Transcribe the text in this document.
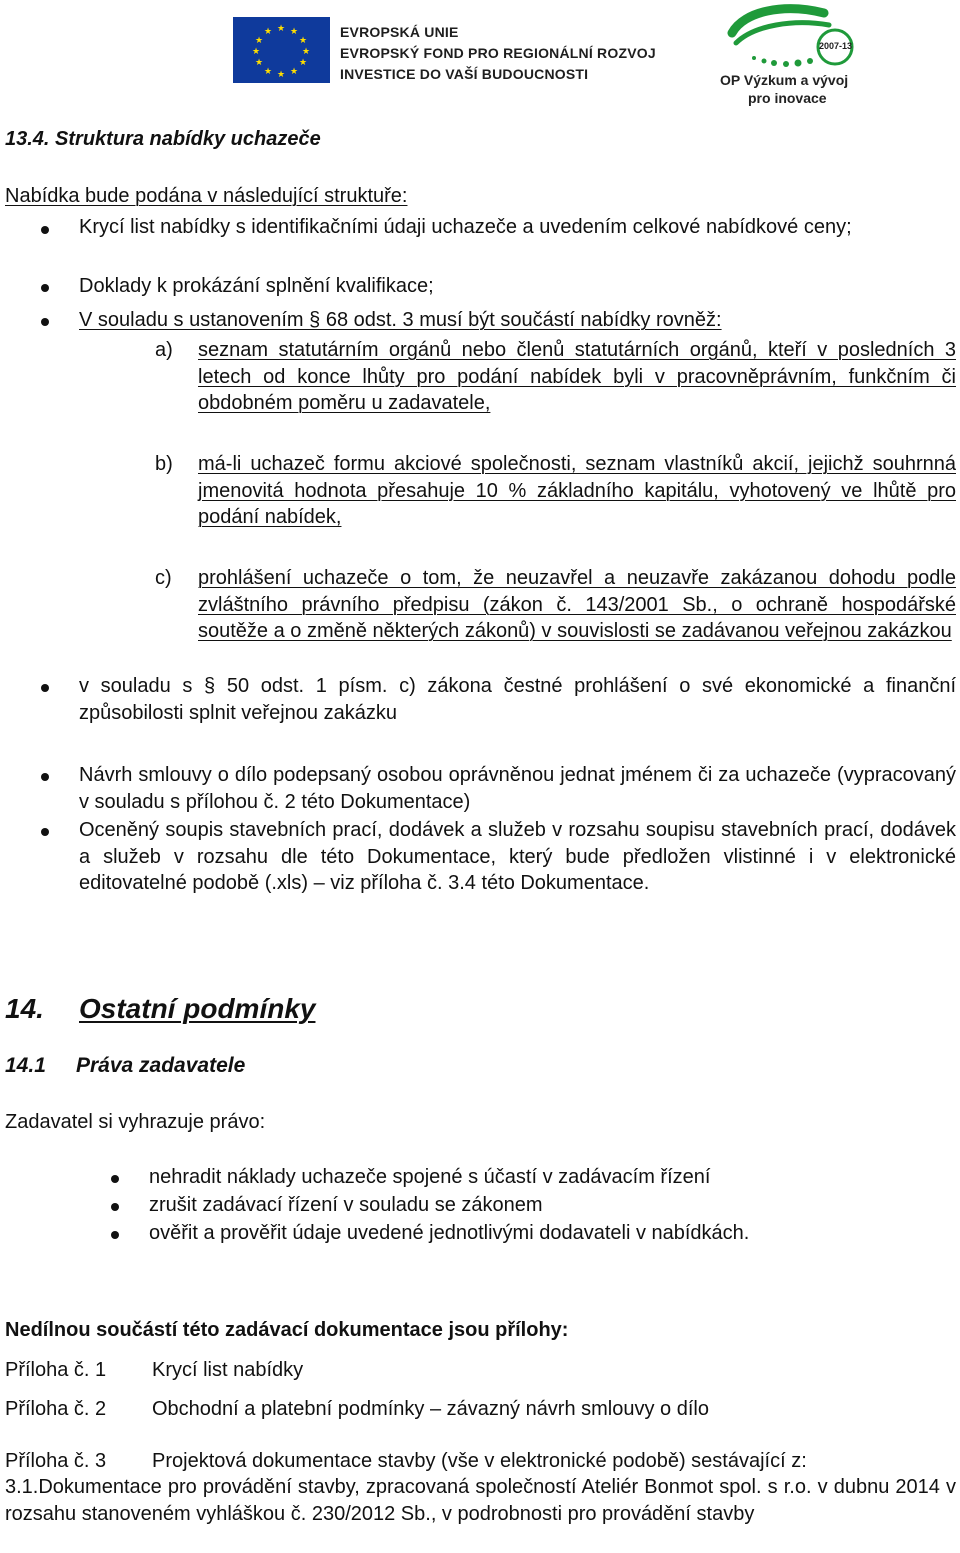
★ ★
★
★
★
★
★
★
★
★
★
★	EVROPSKÁ UNIE
EVROPSKÝ FOND PRO REGIONÁLNÍ ROZVOJ
INVESTICE DO VAŠÍ BUDOUCNOSTI
2007-13
OP Výzkum a vývoj
pro inovace
13.4. Struktura nabídky uchazeče
Nabídka bude podána v následující struktuře:
Krycí list nabídky s identifikačními údaji uchazeče a uvedením celkové nabídkové ceny;
Doklady k prokázání splnění kvalifikace;
V souladu s ustanovením § 68 odst. 3 musí být součástí nabídky rovněž:
a) seznam statutárním orgánů nebo členů statutárních orgánů, kteří v posledních 3 letech od konce lhůty pro podání nabídek byli v pracovněprávním, funkčním či obdobném poměru u zadavatele,
b) má-li uchazeč formu akciové společnosti, seznam vlastníků akcií, jejichž souhrnná jmenovitá hodnota přesahuje 10 % základního kapitálu, vyhotovený ve lhůtě pro podání nabídek,
c) prohlášení uchazeče o tom, že neuzavřel a neuzavře zakázanou dohodu podle zvláštního právního předpisu (zákon č. 143/2001 Sb., o ochraně hospodářské soutěže a o změně některých zákonů) v souvislosti se zadávanou veřejnou zakázkou
v souladu s § 50 odst. 1 písm. c) zákona čestné prohlášení o své ekonomické a finanční způsobilosti splnit veřejnou zakázku
Návrh smlouvy o dílo podepsaný osobou oprávněnou jednat jménem či za uchazeče (vypracovaný v souladu s přílohou č. 2 této Dokumentace)
Oceněný soupis stavebních prací, dodávek a služeb v rozsahu soupisu stavebních prací, dodávek a služeb v rozsahu dle této Dokumentace, který bude předložen vlistinné i v elektronické editovatelné podobě (.xls) – viz příloha č. 3.4 této Dokumentace.
14. Ostatní podmínky
14.1 Práva zadavatele
Zadavatel si vyhrazuje právo:
nehradit náklady uchazeče spojené s účastí v zadávacím řízení
zrušit zadávací řízení v souladu se zákonem
ověřit a prověřit údaje uvedené jednotlivými dodavateli v nabídkách.
Nedílnou součástí této zadávací dokumentace jsou přílohy:
Příloha č. 1 Krycí list nabídky
Příloha č. 2 Obchodní a platební podmínky – závazný návrh smlouvy o dílo
Příloha č. 3 Projektová dokumentace stavby (vše v elektronické podobě) sestávající z:
3.1.Dokumentace pro provádění stavby, zpracovaná společností Ateliér Bonmot spol. s r.o. v dubnu 2014 v rozsahu stanoveném vyhláškou č. 230/2012 Sb., v podrobnosti pro provádění stavby
